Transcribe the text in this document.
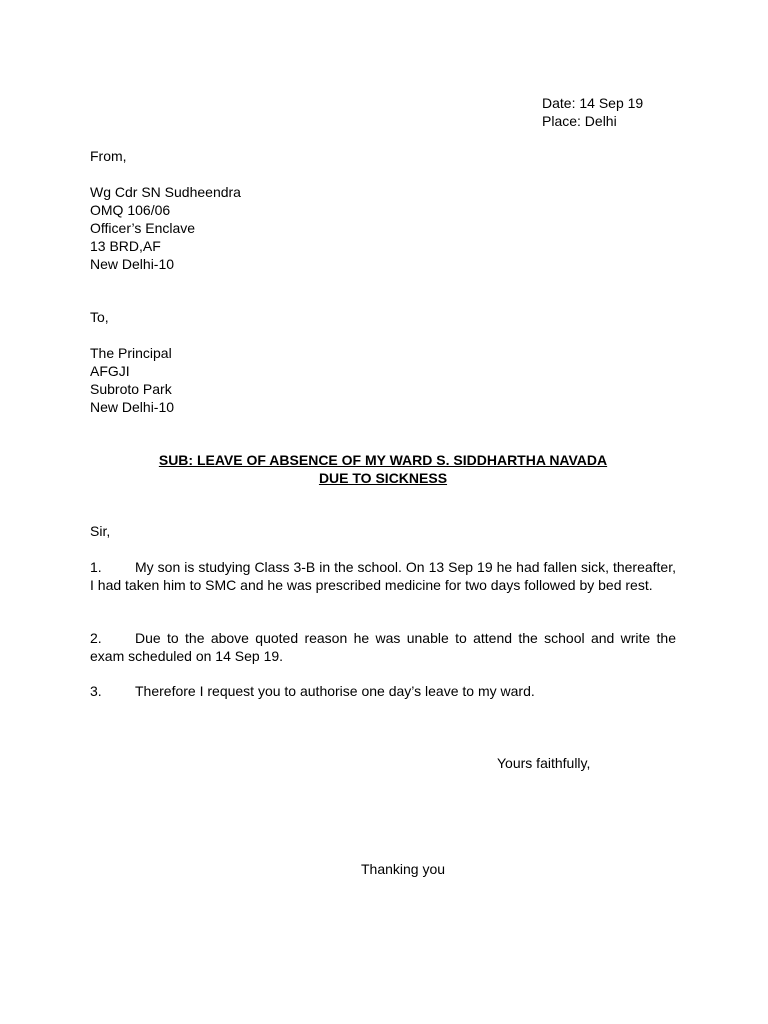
Date: 14 Sep 19
Place: Delhi
From,
Wg Cdr SN Sudheendra
OMQ 106/06
Officer’s Enclave
13 BRD,AF
New Delhi-10
To,
The Principal
AFGJI
Subroto Park
New Delhi-10
SUB: LEAVE OF ABSENCE OF MY WARD S. SIDDHARTHA NAVADA
DUE TO SICKNESS
Sir,
1. My son is studying Class 3-B in the school. On 13 Sep 19 he had fallen sick, thereafter, I had taken him to SMC and he was prescribed medicine for two days followed by bed rest.
2. Due to the above quoted reason he was unable to attend the school and write the exam scheduled on 14 Sep 19.
3. Therefore I request you to authorise one day’s leave to my ward.
Yours faithfully,
Thanking you
